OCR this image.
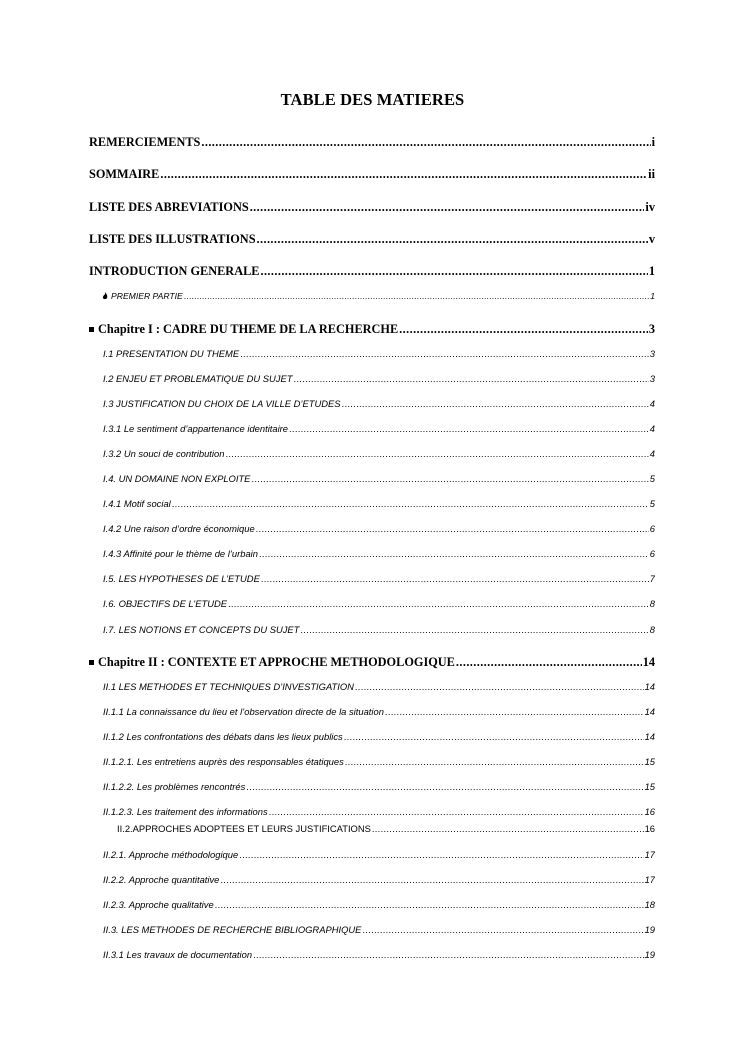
TABLE DES MATIERES
REMERCIEMENTS .....	i
SOMMAIRE .....	ii
LISTE DES ABREVIATIONS .....	iv
LISTE DES ILLUSTRATIONS .....	v
INTRODUCTION GENERALE .....	1
PREMIER PARTIE .....	1
Chapitre I : CADRE DU THEME DE LA RECHERCHE .....	3
I.1 PRESENTATION DU THEME .....	3
I.2 ENJEU ET PROBLEMATIQUE DU SUJET .....	3
I.3 JUSTIFICATION DU CHOIX DE LA VILLE D’ETUDES .....	4
I.3.1 Le sentiment d’appartenance identitaire .....	4
I.3.2 Un souci de contribution .....	4
I.4. UN DOMAINE NON EXPLOITE .....	5
I.4.1 Motif social .....	5
I.4.2 Une raison d’ordre économique .....	6
I.4.3 Affinité pour le thème de l’urbain .....	6
I.5. LES HYPOTHESES DE L’ETUDE .....	7
I.6. OBJECTIFS DE L’ETUDE .....	8
I.7. LES NOTIONS ET CONCEPTS DU SUJET .....	8
Chapitre II : CONTEXTE ET APPROCHE METHODOLOGIQUE .....	14
II.1 LES METHODES ET TECHNIQUES D’INVESTIGATION .....	14
II.1.1 La connaissance du lieu et l’observation directe de la situation .....	14
II.1.2 Les confrontations des débats dans les lieux publics .....	14
II.1.2.1. Les entretiens auprès des responsables étatiques .....	15
II.1.2.2. Les problèmes rencontrés .....	15
II.1.2.3. Les traitement des informations .....	16
II.2.APPROCHES ADOPTEES ET LEURS JUSTIFICATIONS .....	16
II.2.1. Approche méthodologique .....	17
II.2.2. Approche quantitative .....	17
II.2.3. Approche qualitative .....	18
II.3. LES METHODES DE RECHERCHE BIBLIOGRAPHIQUE .....	19
II.3.1 Les travaux de documentation .....	19
